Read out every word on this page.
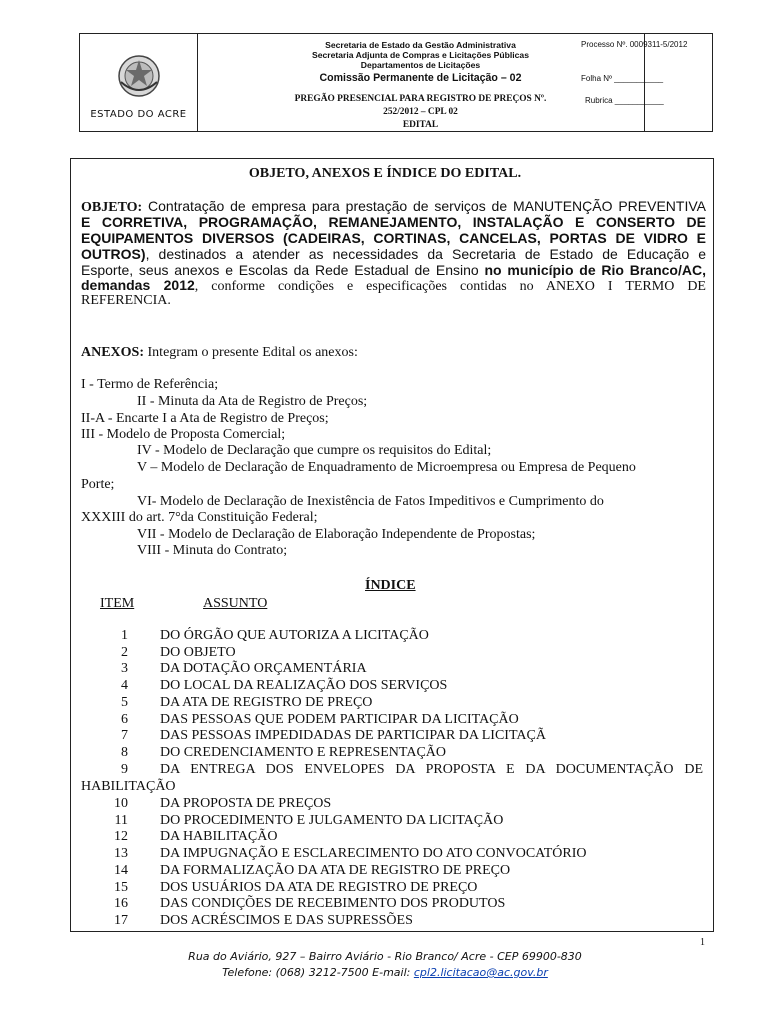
ESTADO DO ACRE
Secretaria de Estado da Gestão Administrativa
Secretaria Adjunta de Compras e Licitações Públicas
Departamentos de Licitações
Comissão Permanente de Licitação – 02
PREGÃO PRESENCIAL PARA REGISTRO DE PREÇOS Nº.
252/2012 – CPL 02
EDITAL
Processo Nº. 0009311-5/2012
Folha Nº ___________
Rubrica ___________
OBJETO, ANEXOS E ÍNDICE DO EDITAL.
OBJETO: Contratação de empresa para prestação de serviços de MANUTENÇÃO PREVENTIVA
E CORRETIVA, PROGRAMAÇÃO, REMANEJAMENTO, INSTALAÇÃO E CONSERTO DE
EQUIPAMENTOS DIVERSOS (CADEIRAS, CORTINAS, CANCELAS, PORTAS DE VIDRO E
OUTROS), destinados a atender as necessidades da Secretaria de Estado de Educação e
Esporte, seus anexos e Escolas da Rede Estadual de Ensino no município de Rio Branco/AC,
demandas 2012, conforme condições e especificações contidas no ANEXO I TERMO DE
REFERENCIA.
ANEXOS: Integram o presente Edital os anexos:
I - Termo de Referência;
II - Minuta da Ata de Registro de Preços;
II-A - Encarte I a Ata de Registro de Preços;
III - Modelo de Proposta Comercial;
IV - Modelo de Declaração que cumpre os requisitos do Edital;
V – Modelo de Declaração de Enquadramento de Microempresa ou Empresa de Pequeno
Porte;
VI- Modelo de Declaração de Inexistência de Fatos Impeditivos e Cumprimento do
XXXIII do art. 7°da Constituição Federal;
VII - Modelo de Declaração de Elaboração Independente de Propostas;
VIII - Minuta do Contrato;
ÍNDICE
ITEM	ASSUNTO
1 DO ÓRGÃO QUE AUTORIZA A LICITAÇÃO
2 DO OBJETO
3 DA DOTAÇÃO ORÇAMENTÁRIA
4 DO LOCAL DA REALIZAÇÃO DOS SERVIÇOS
5 DA ATA DE REGISTRO DE PREÇO
6 DAS PESSOAS QUE PODEM PARTICIPAR DA LICITAÇÃO
7 DAS PESSOAS IMPEDIDADAS DE PARTICIPAR DA LICITAÇÃ
8 DO CREDENCIAMENTO E REPRESENTAÇÃO
9 DA ENTREGA DOS ENVELOPES DA PROPOSTA E DA DOCUMENTAÇÃO DE
HABILITAÇÃO
10 DA PROPOSTA DE PREÇOS
11 DO PROCEDIMENTO E JULGAMENTO DA LICITAÇÃO
12 DA HABILITAÇÃO
13 DA IMPUGNAÇÃO E ESCLARECIMENTO DO ATO CONVOCATÓRIO
14 DA FORMALIZAÇÃO DA ATA DE REGISTRO DE PREÇO
15 DOS USUÁRIOS DA ATA DE REGISTRO DE PREÇO
16 DAS CONDIÇÕES DE RECEBIMENTO DOS PRODUTOS
17 DOS ACRÉSCIMOS E DAS SUPRESSÕES
1
Rua do Aviário, 927 – Bairro Aviário - Rio Branco/ Acre - CEP 69900-830
Telefone: (068) 3212-7500 E-mail: cpl2.licitacao@ac.gov.br
